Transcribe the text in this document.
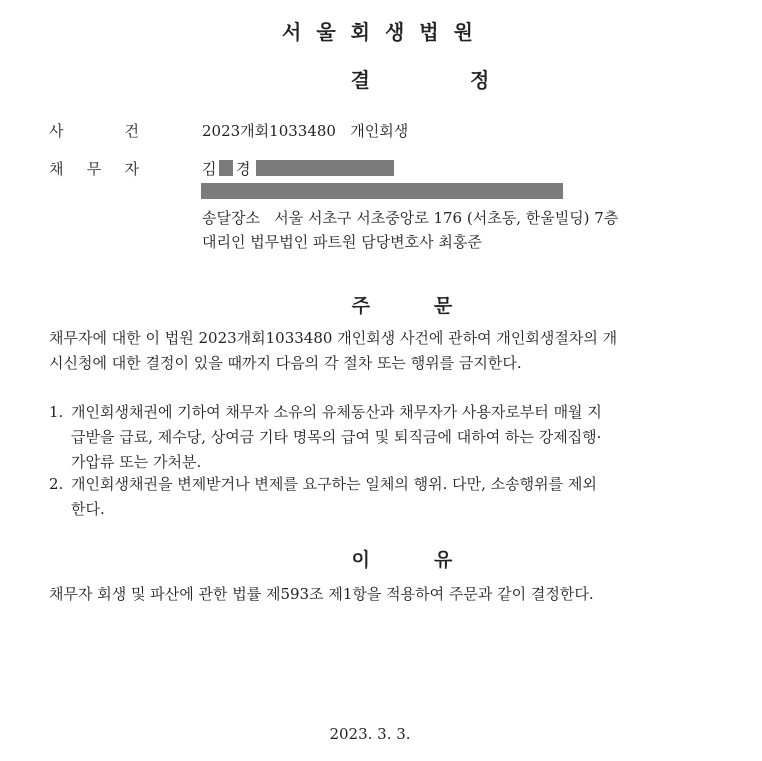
서울회생법원
결정
사	건	2023개회1033480   개인회생
채 무 자	김 경
송달장소   서울 서초구 서초중앙로 176 (서초동, 한울빌딩) 7층
대리인 법무법인 파트원 담당변호사 최홍준
주문
채무자에 대한 이 법원 2023개회1033480 개인회생 사건에 관하여 개인회생절차의 개
시신청에 대한 결정이 있을 때까지 다음의 각 절차 또는 행위를 금지한다.
1. 개인회생채권에 기하여 채무자 소유의 유체동산과 채무자가 사용자로부터 매월 지
급받을 급료, 제수당, 상여금 기타 명목의 급여 및 퇴직금에 대하여 하는 강제집행·
가압류 또는 가처분.
2. 개인회생채권을 변제받거나 변제를 요구하는 일체의 행위. 다만, 소송행위를 제외
한다.
이유
채무자 회생 및 파산에 관한 법률 제593조 제1항을 적용하여 주문과 같이 결정한다.
2023. 3. 3.
